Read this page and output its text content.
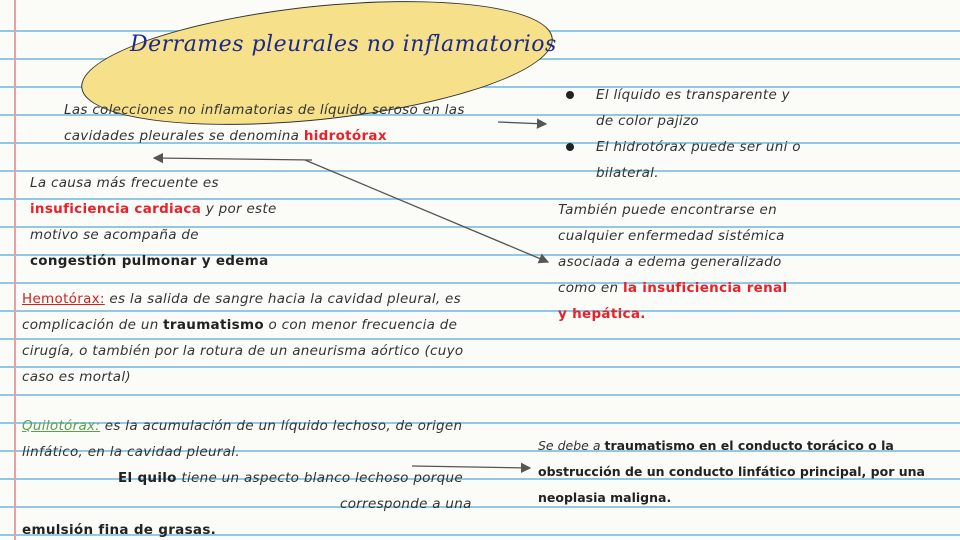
Derrames pleurales no inflamatorios
Las colecciones no inflamatorias de líquido seroso en las
cavidades pleurales se denomina hidrotórax
El líquido es transparente y
de color pajizo
El hidrotórax puede ser uni o
bilateral.
La causa más frecuente es
insuficiencia cardiaca y por este
motivo se acompaña de
congestión pulmonar y edema
También puede encontrarse en
cualquier enfermedad sistémica
asociada a edema generalizado
como en la insuficiencia renal
y hepática.
Hemotórax: es la salida de sangre hacia la cavidad pleural, es
complicación de un traumatismo o con menor frecuencia de
cirugía, o también por la rotura de un aneurisma aórtico (cuyo
caso es mortal)
Quilotórax: es la acumulación de un líquido lechoso, de origen
linfático, en la cavidad pleural.
El quilo tiene un aspecto blanco lechoso porque
corresponde a una
emulsión fina de grasas.
Se debe a traumatismo en el conducto torácico o la
obstrucción de un conducto linfático principal, por una
neoplasia maligna.
